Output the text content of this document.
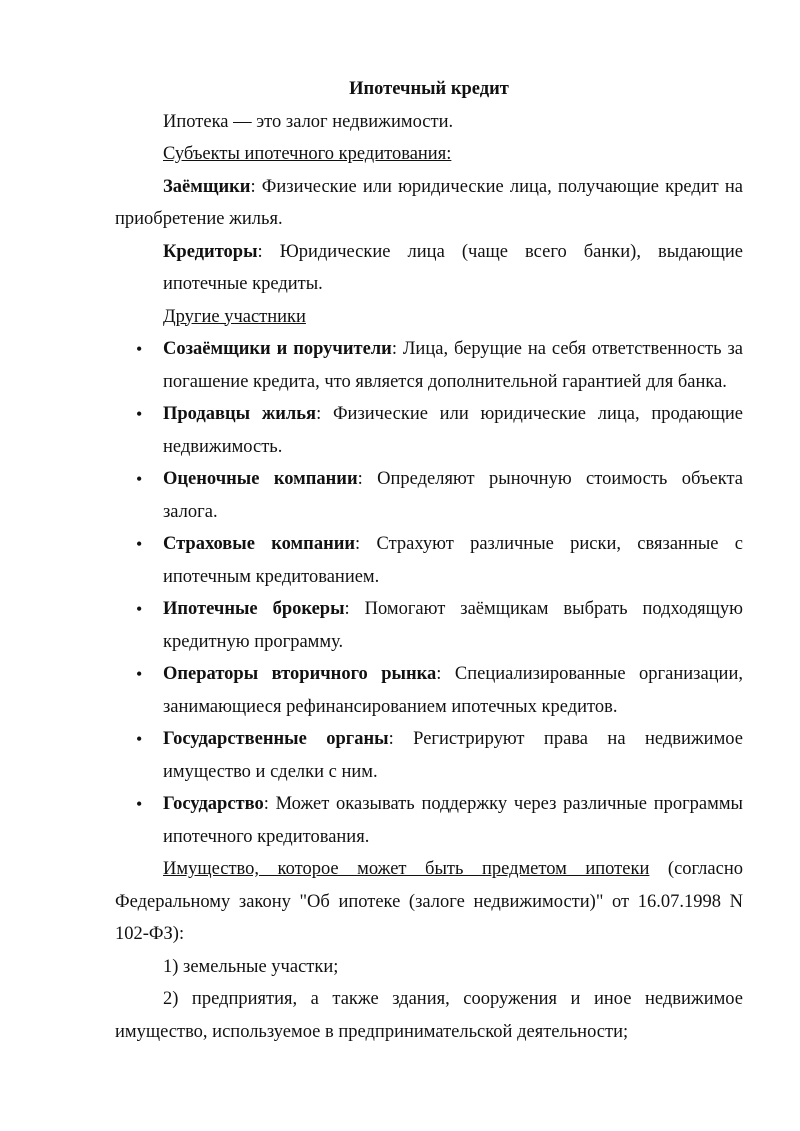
Ипотечный кредит

Ипотека — это залог недвижимости.

Субъекты ипотечного кредитования:

Заёмщики: Физические или юридические лица, получающие кредит на приобретение жилья.

Кредиторы: Юридические лица (чаще всего банки), выдающие ипотечные кредиты.

Другие участники

• Созаёмщики и поручители: Лица, берущие на себя ответственность за погашение кредита, что является дополнительной гарантией для банка.
• Продавцы жилья: Физические или юридические лица, продающие недвижимость.
• Оценочные компании: Определяют рыночную стоимость объекта залога.
• Страховые компании: Страхуют различные риски, связанные с ипотечным кредитованием.
• Ипотечные брокеры: Помогают заёмщикам выбрать подходящую кредитную программу.
• Операторы вторичного рынка: Специализированные организации, занимающиеся рефинансированием ипотечных кредитов.
• Государственные органы: Регистрируют права на недвижимое имущество и сделки с ним.
• Государство: Может оказывать поддержку через различные программы ипотечного кредитования.

Имущество, которое может быть предметом ипотеки (согласно Федеральному закону "Об ипотеке (залоге недвижимости)" от 16.07.1998 N 102-ФЗ):

1) земельные участки;

2) предприятия, а также здания, сооружения и иное недвижимое имущество, используемое в предпринимательской деятельности;
